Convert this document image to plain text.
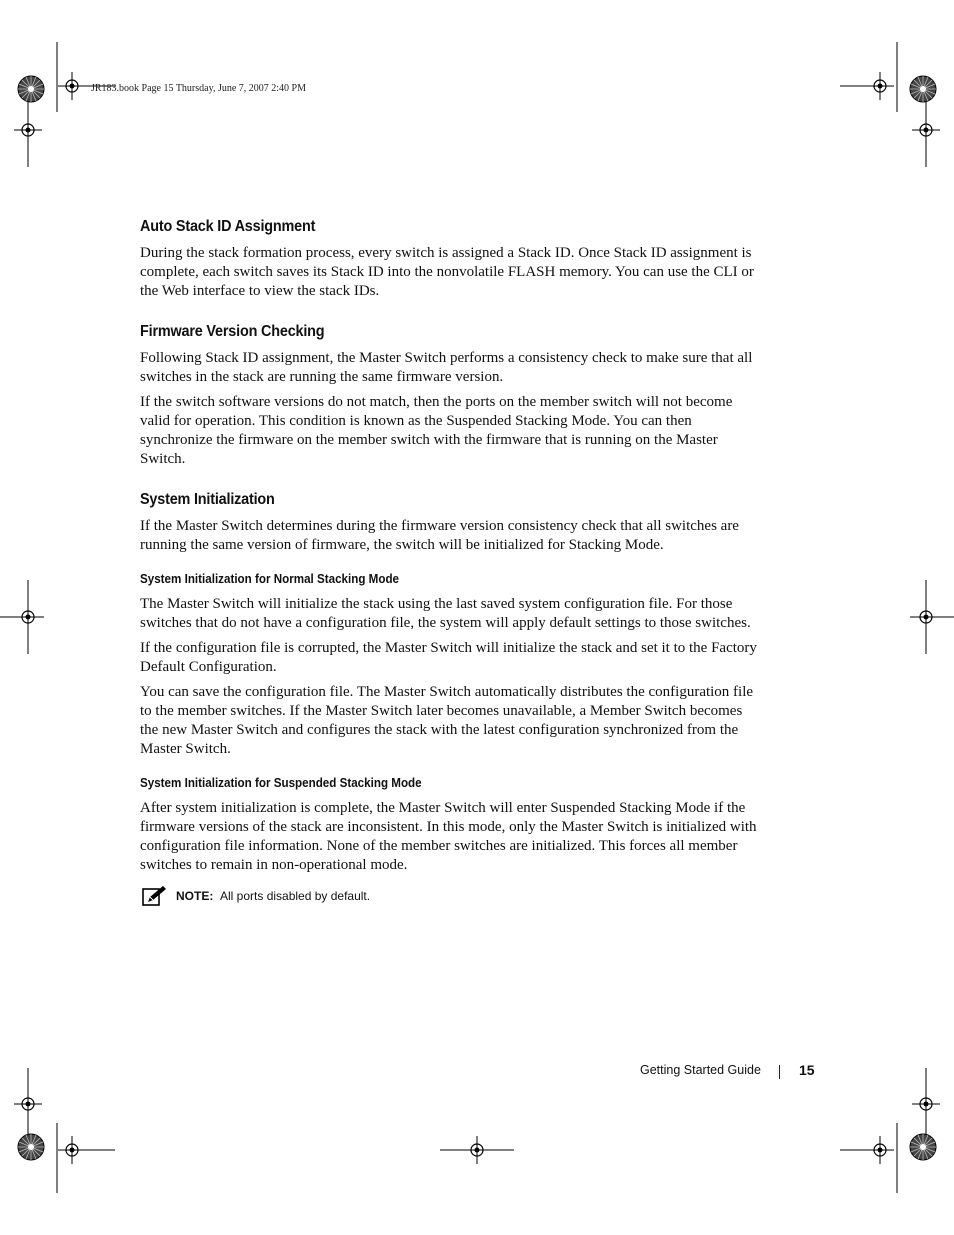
JR183.book Page 15 Thursday, June 7, 2007 2:40 PM
Auto Stack ID Assignment

During the stack formation process, every switch is assigned a Stack ID. Once Stack ID assignment is complete, each switch saves its Stack ID into the nonvolatile FLASH memory. You can use the CLI or the Web interface to view the stack IDs.

Firmware Version Checking

Following Stack ID assignment, the Master Switch performs a consistency check to make sure that all switches in the stack are running the same firmware version.

If the switch software versions do not match, then the ports on the member switch will not become valid for operation. This condition is known as the Suspended Stacking Mode. You can then synchronize the firmware on the member switch with the firmware that is running on the Master Switch.

System Initialization

If the Master Switch determines during the firmware version consistency check that all switches are running the same version of firmware, the switch will be initialized for Stacking Mode.

System Initialization for Normal Stacking Mode

The Master Switch will initialize the stack using the last saved system configuration file. For those switches that do not have a configuration file, the system will apply default settings to those switches.

If the configuration file is corrupted, the Master Switch will initialize the stack and set it to the Factory Default Configuration.

You can save the configuration file. The Master Switch automatically distributes the configuration file to the member switches. If the Master Switch later becomes unavailable, a Member Switch becomes the new Master Switch and configures the stack with the latest configuration synchronized from the Master Switch.

System Initialization for Suspended Stacking Mode

After system initialization is complete, the Master Switch will enter Suspended Stacking Mode if the firmware versions of the stack are inconsistent. In this mode, only the Master Switch is initialized with configuration file information. None of the member switches are initialized. This forces all member switches to remain in non-operational mode.

NOTE: All ports disabled by default.
Getting Started Guide	15
